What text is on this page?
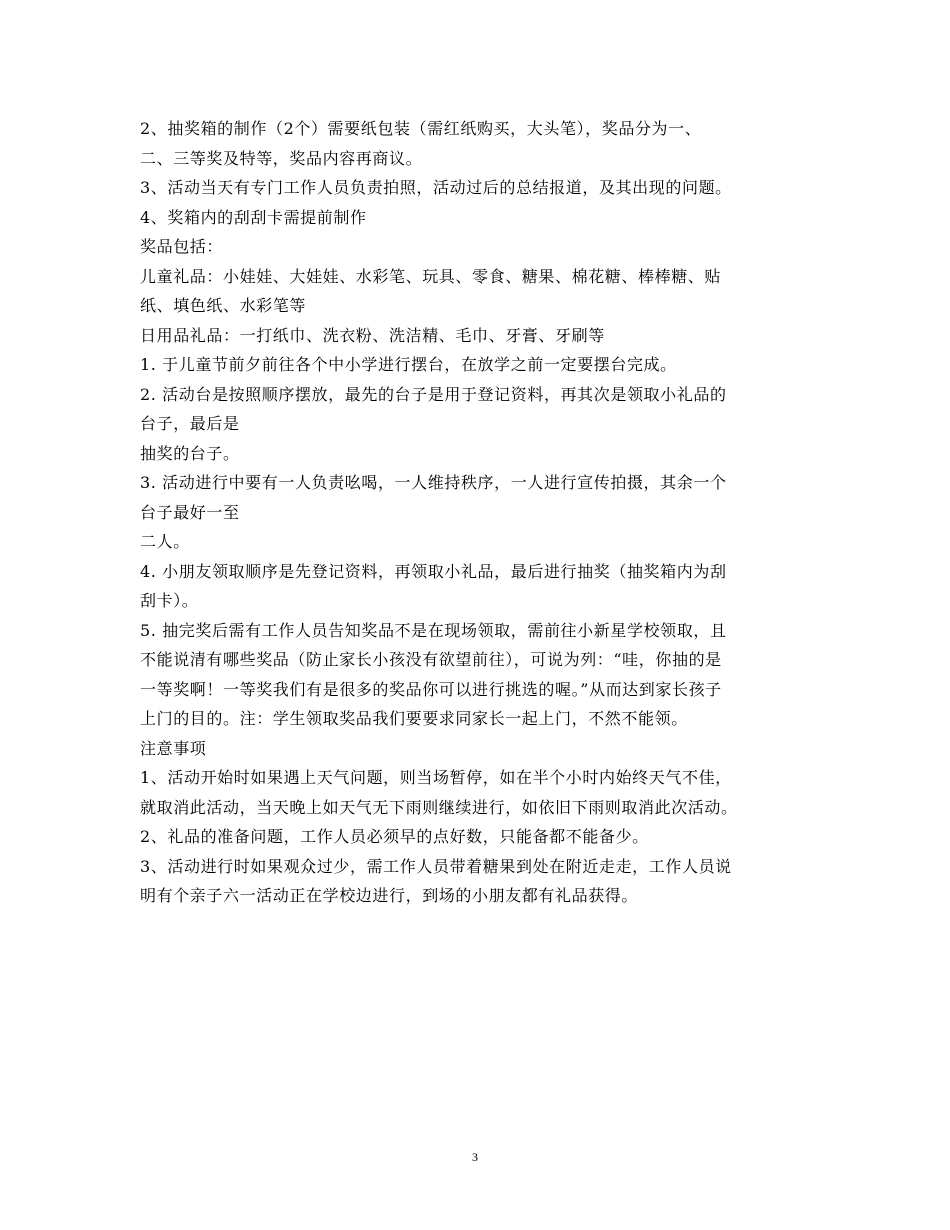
2、抽奖箱的制作（2个）需要纸包装（需红纸购买，大头笔），奖品分为一、
二、三等奖及特等，奖品内容再商议。
3、活动当天有专门工作人员负责拍照，活动过后的总结报道，及其出现的问题。
4、奖箱内的刮刮卡需提前制作
奖品包括：
儿童礼品：小娃娃、大娃娃、水彩笔、玩具、零食、糖果、棉花糖、棒棒糖、贴
纸、填色纸、水彩笔等
日用品礼品：一打纸巾、洗衣粉、洗洁精、毛巾、牙膏、牙刷等
1. 于儿童节前夕前往各个中小学进行摆台，在放学之前一定要摆台完成。
2. 活动台是按照顺序摆放，最先的台子是用于登记资料，再其次是领取小礼品的
台子，最后是
抽奖的台子。
3. 活动进行中要有一人负责吆喝，一人维持秩序，一人进行宣传拍摄，其余一个
台子最好一至
二人。
4. 小朋友领取顺序是先登记资料，再领取小礼品，最后进行抽奖（抽奖箱内为刮
刮卡）。
5. 抽完奖后需有工作人员告知奖品不是在现场领取，需前往小新星学校领取，且
不能说清有哪些奖品（防止家长小孩没有欲望前往），可说为列：“哇，你抽的是
一等奖啊！一等奖我们有是很多的奖品你可以进行挑选的喔。”从而达到家长孩子
上门的目的。注：学生领取奖品我们要要求同家长一起上门，不然不能领。
注意事项
1、活动开始时如果遇上天气问题，则当场暂停，如在半个小时内始终天气不佳，
就取消此活动，当天晚上如天气无下雨则继续进行，如依旧下雨则取消此次活动。
2、礼品的准备问题，工作人员必须早的点好数，只能备都不能备少。
3、活动进行时如果观众过少，需工作人员带着糖果到处在附近走走，工作人员说
明有个亲子六一活动正在学校边进行，到场的小朋友都有礼品获得。
3
